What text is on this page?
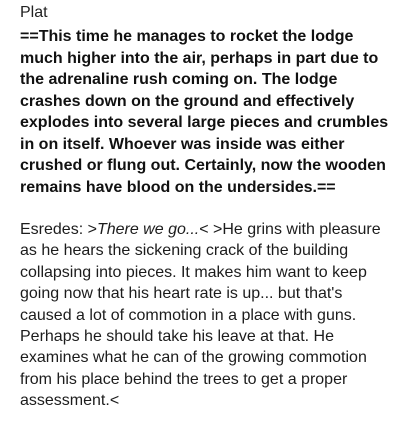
Plat

==This time he manages to rocket the lodge much higher into the air, perhaps in part due to the adrenaline rush coming on. The lodge crashes down on the ground and effectively explodes into several large pieces and crumbles in on itself. Whoever was inside was either crushed or flung out. Certainly, now the wooden remains have blood on the undersides.==

Esredes: >There we go...< >He grins with pleasure as he hears the sickening crack of the building collapsing into pieces. It makes him want to keep going now that his heart rate is up... but that's caused a lot of commotion in a place with guns. Perhaps he should take his leave at that. He examines what he can of the growing commotion from his place behind the trees to get a proper assessment.<
